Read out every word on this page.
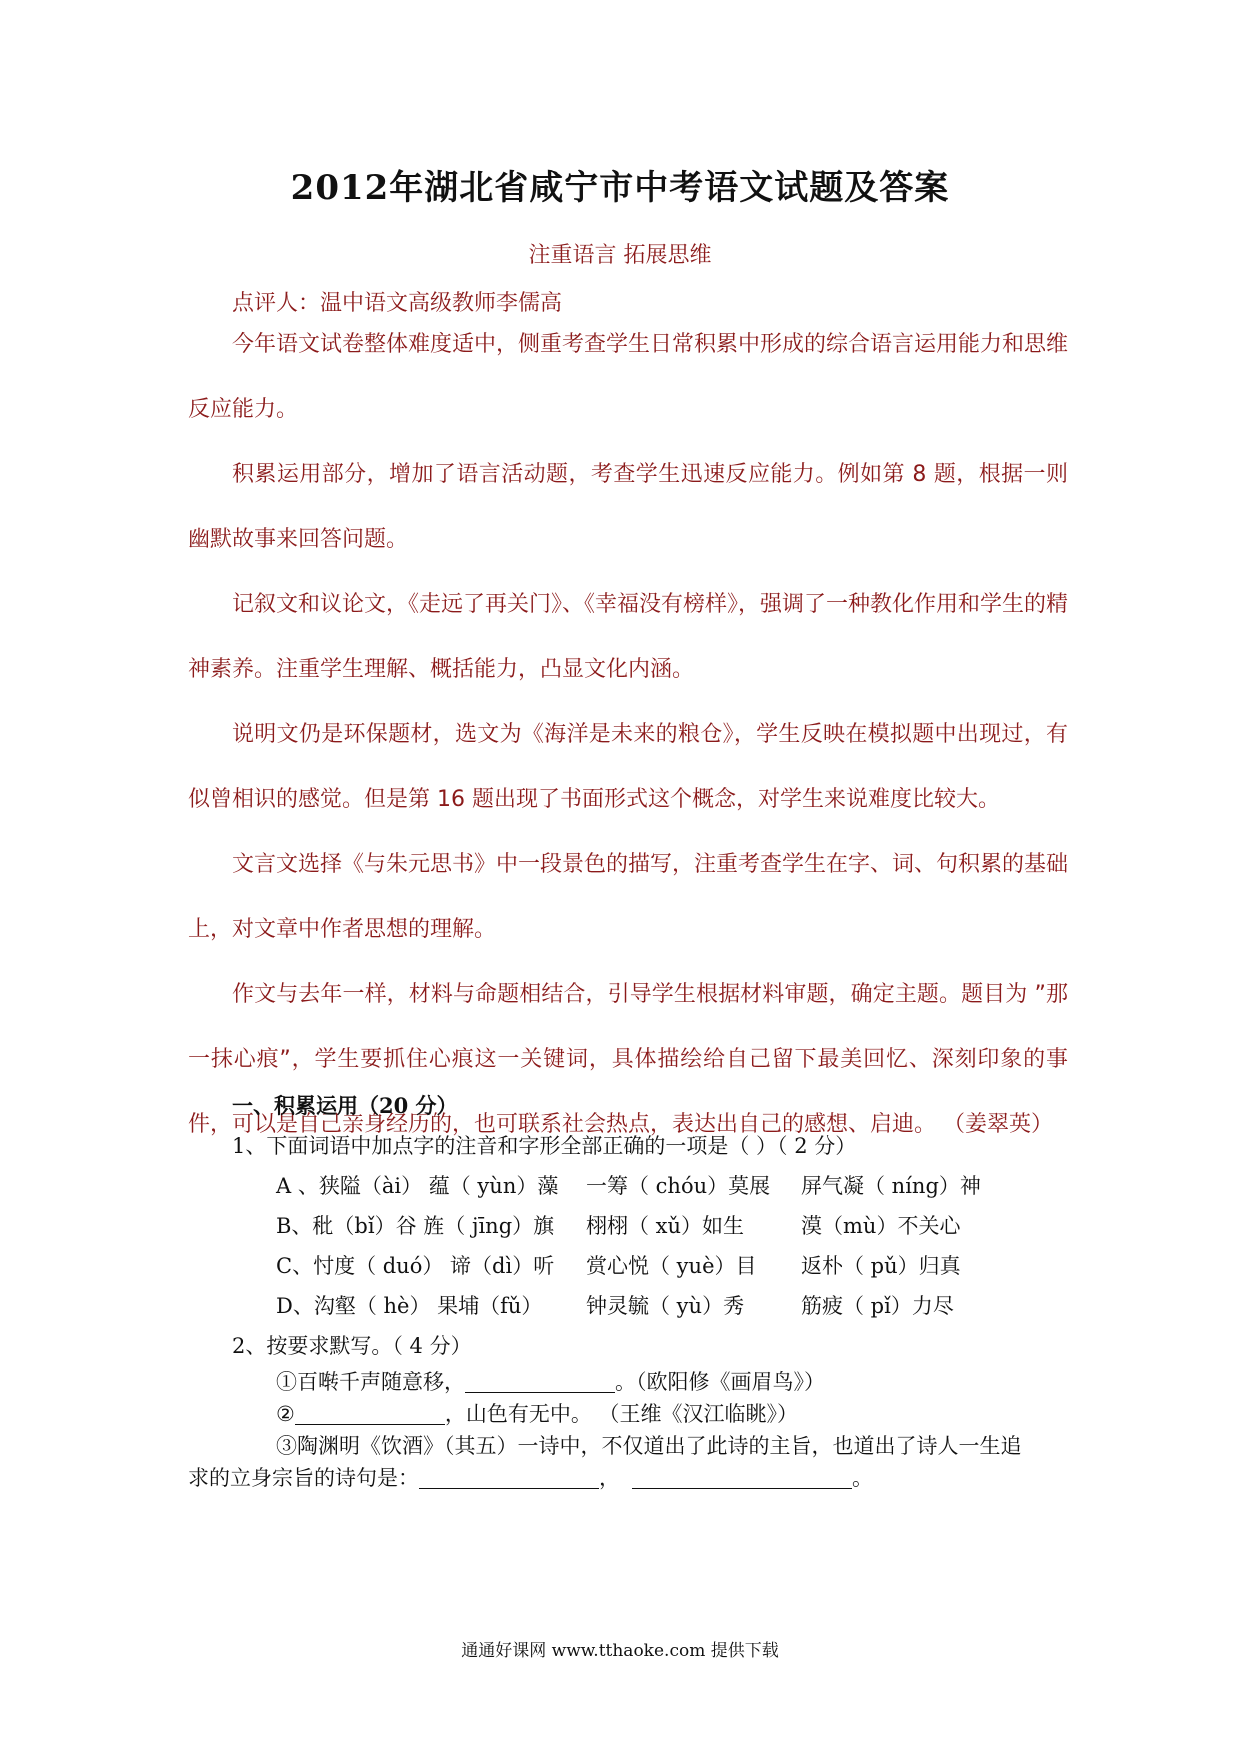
2012年湖北省咸宁市中考语文试题及答案
注重语言 拓展思维
点评人：温中语文高级教师李儒高

今年语文试卷整体难度适中，侧重考查学生日常积累中形成的综合语言运用能力和思维反应能力。

积累运用部分，增加了语言活动题，考查学生迅速反应能力。例如第 8 题，根据一则幽默故事来回答问题。

记叙文和议论文，《走远了再关门》、《幸福没有榜样》，强调了一种教化作用和学生的精神素养。注重学生理解、概括能力，凸显文化内涵。

说明文仍是环保题材，选文为《海洋是未来的粮仓》，学生反映在模拟题中出现过，有似曾相识的感觉。但是第 16 题出现了书面形式这个概念，对学生来说难度比较大。

文言文选择《与朱元思书》中一段景色的描写，注重考查学生在字、词、句积累的基础上，对文章中作者思想的理解。

作文与去年一样，材料与命题相结合，引导学生根据材料审题，确定主题。题目为 ”那一抹心痕”，学生要抓住心痕这一关键词，具体描绘给自己留下最美回忆、深刻印象的事件，可以是自己亲身经历的，也可联系社会热点，表达出自己的感想、启迪。 （姜翠英）

一、积累运用（20 分）
1、下面词语中加点字的注音和字形全部正确的一项是（ ）（ 2 分）
A 、狭隘（ài） 蕴（ yùn）藻 一筹（ chóu）莫展 屏气凝（ níng）神
B、秕（bǐ）谷 旌（ jīng）旗 栩栩（ xǔ）如生	漠（mù）不关心
C、忖度（ duó） 谛（dì）听 赏心悦（ yuè）目 返朴（ pǔ）归真
D、沟壑（ hè） 果埔（fǔ） 钟灵毓（ yù）秀	筋疲（ pǐ）力尽
2、按要求默写。（ 4 分）
①百啭千声随意移，	。（欧阳修《画眉鸟》）
②	，山色有无中。 （王维《汉江临眺》）
③陶渊明《饮酒》（其五）一诗中，不仅道出了此诗的主旨，也道出了诗人一生追
求的立身宗旨的诗句是：	，	。
通通好课网 www.tthaoke.com 提供下载
